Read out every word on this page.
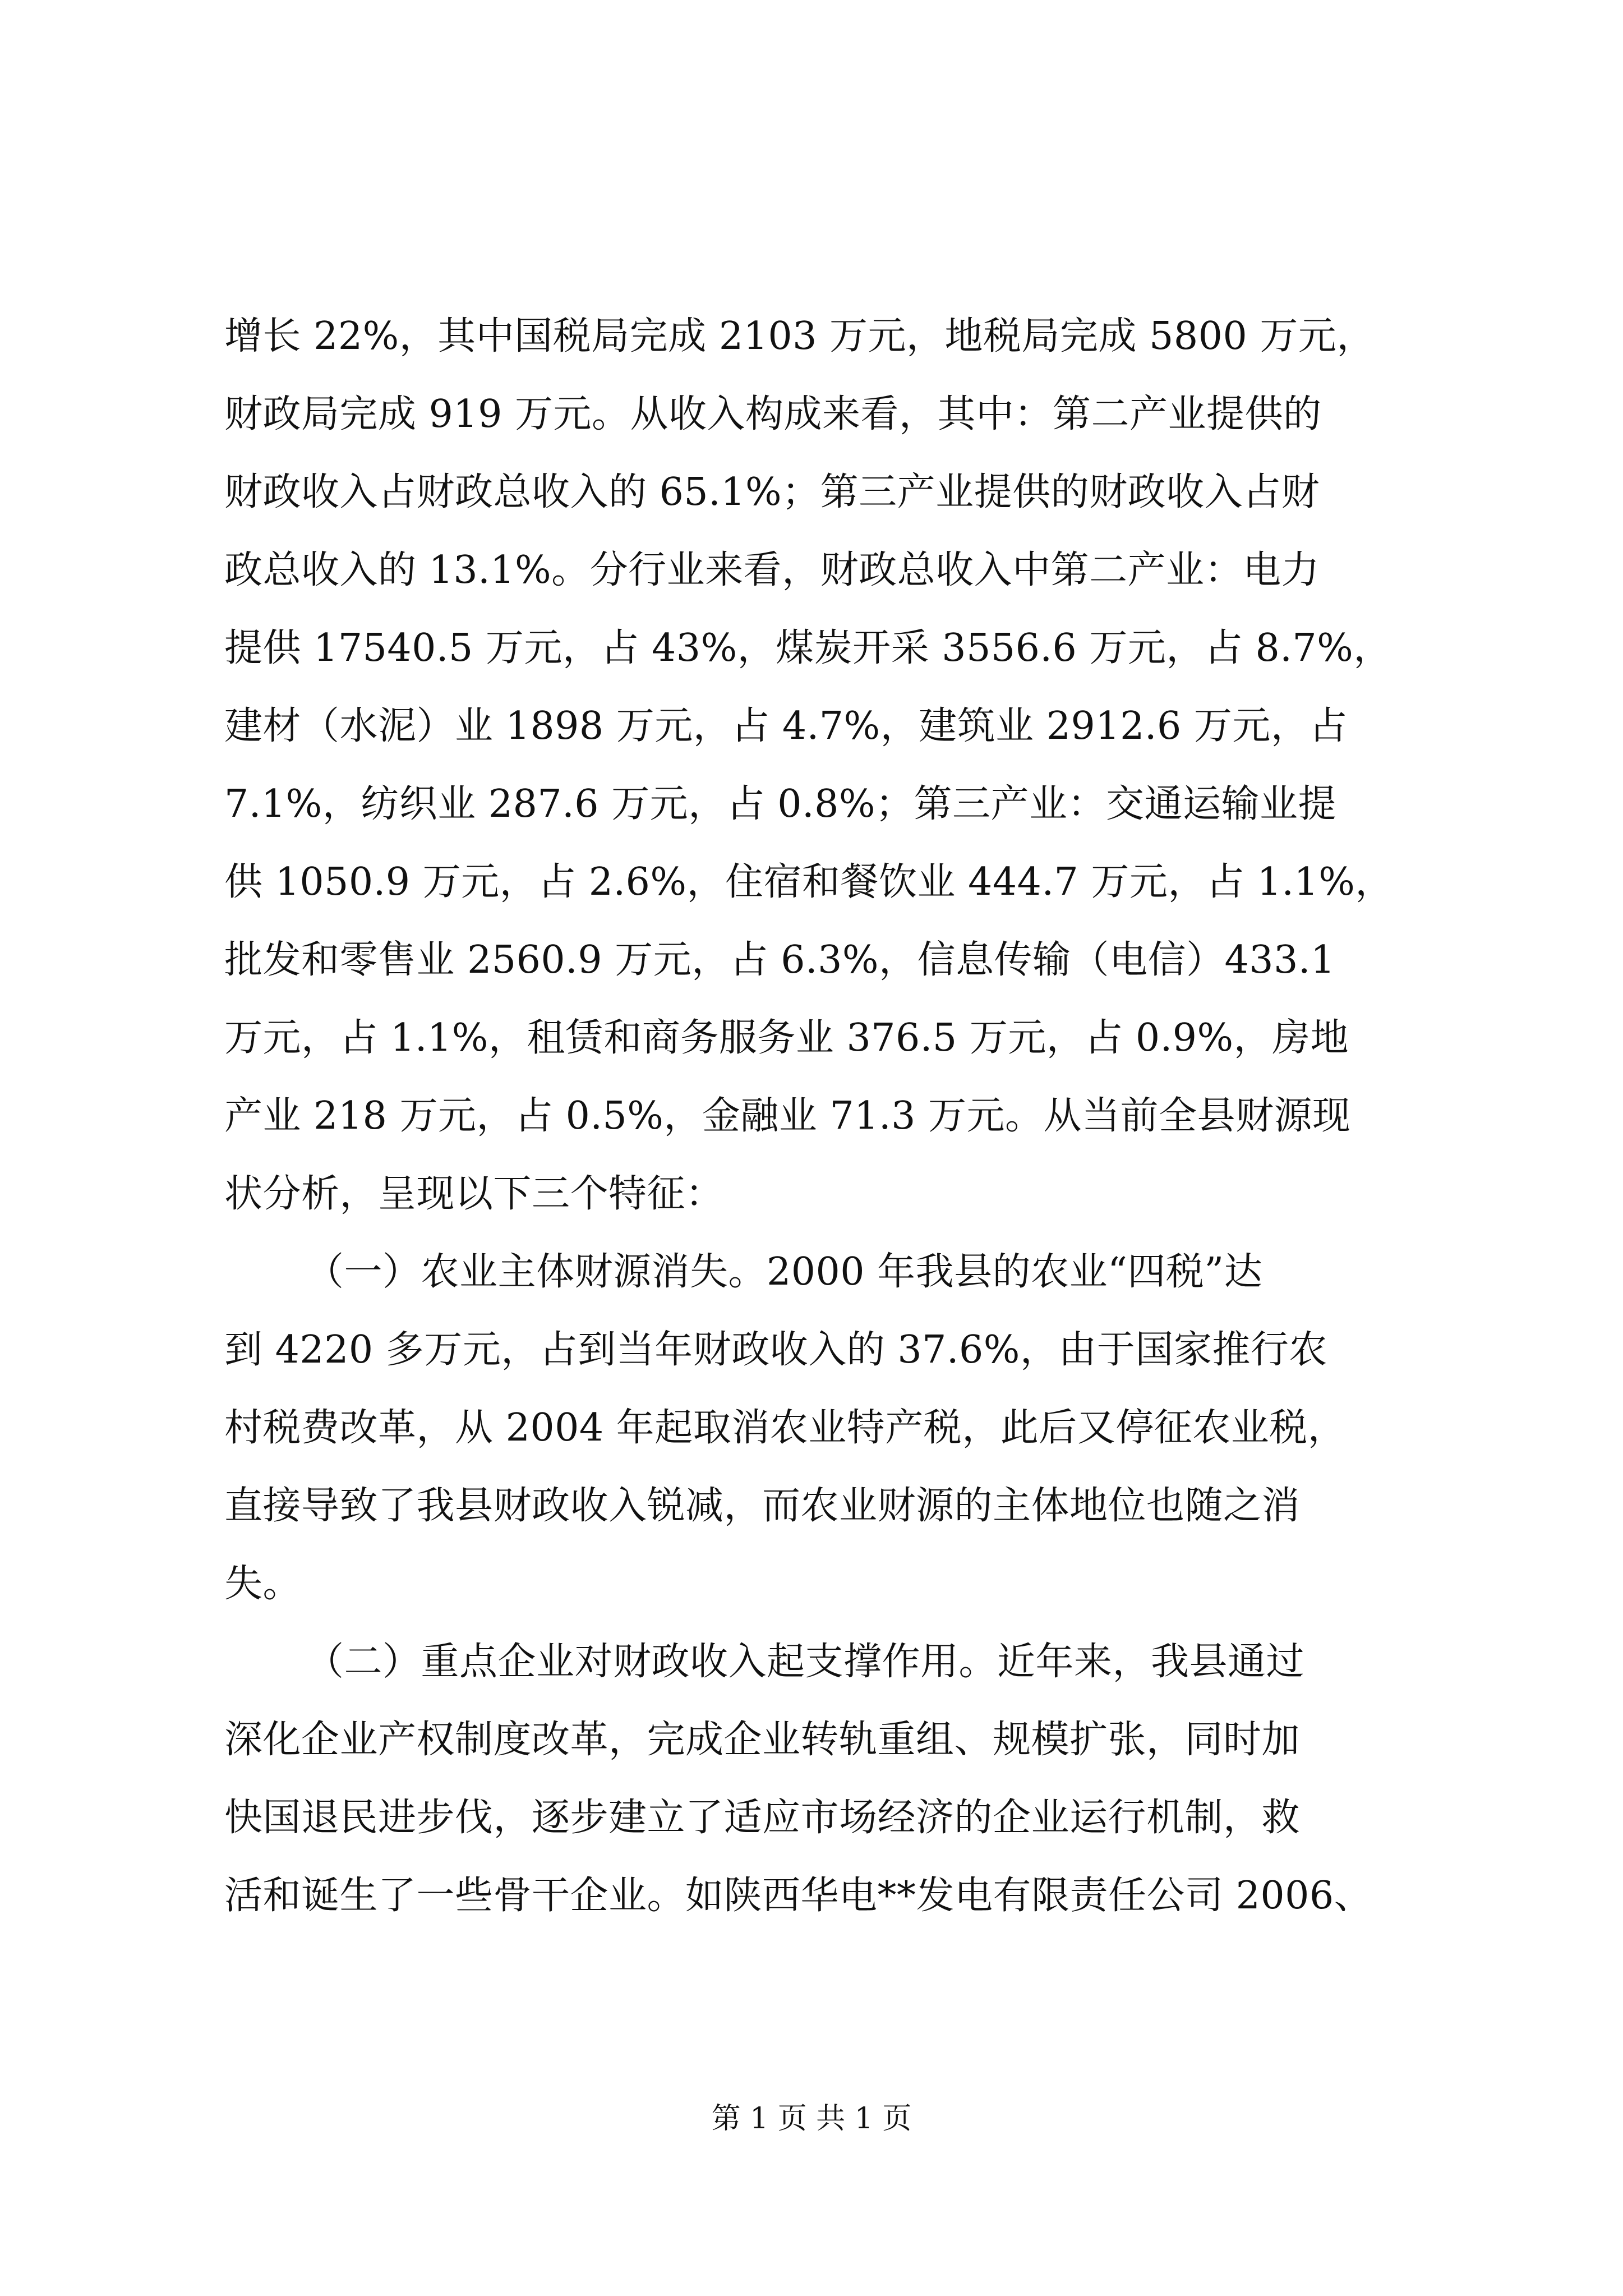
增长 22%，其中国税局完成 2103 万元，地税局完成 5800 万元，
财政局完成 919 万元。从收入构成来看，其中：第二产业提供的
财政收入占财政总收入的 65.1%；第三产业提供的财政收入占财
政总收入的 13.1%。分行业来看，财政总收入中第二产业：电力
提供 17540.5 万元，占 43%，煤炭开采 3556.6 万元，占 8.7%，
建材（水泥）业 1898 万元，占 4.7%，建筑业 2912.6 万元，占
7.1%，纺织业 287.6 万元，占 0.8%；第三产业：交通运输业提
供 1050.9 万元，占 2.6%，住宿和餐饮业 444.7 万元，占 1.1%，
批发和零售业 2560.9 万元，占 6.3%，信息传输（电信）433.1
万元，占 1.1%，租赁和商务服务业 376.5 万元，占 0.9%，房地
产业 218 万元，占 0.5%，金融业 71.3 万元。从当前全县财源现
状分析，呈现以下三个特征：
（一）农业主体财源消失。2000 年我县的农业“四税”达
到 4220 多万元，占到当年财政收入的 37.6%，由于国家推行农
村税费改革，从 2004 年起取消农业特产税，此后又停征农业税，
直接导致了我县财政收入锐减，而农业财源的主体地位也随之消
失。
（二）重点企业对财政收入起支撑作用。近年来，我县通过
深化企业产权制度改革，完成企业转轨重组、规模扩张，同时加
快国退民进步伐，逐步建立了适应市场经济的企业运行机制，救
活和诞生了一些骨干企业。如陕西华电**发电有限责任公司 2006、
第 1 页 共 1 页
